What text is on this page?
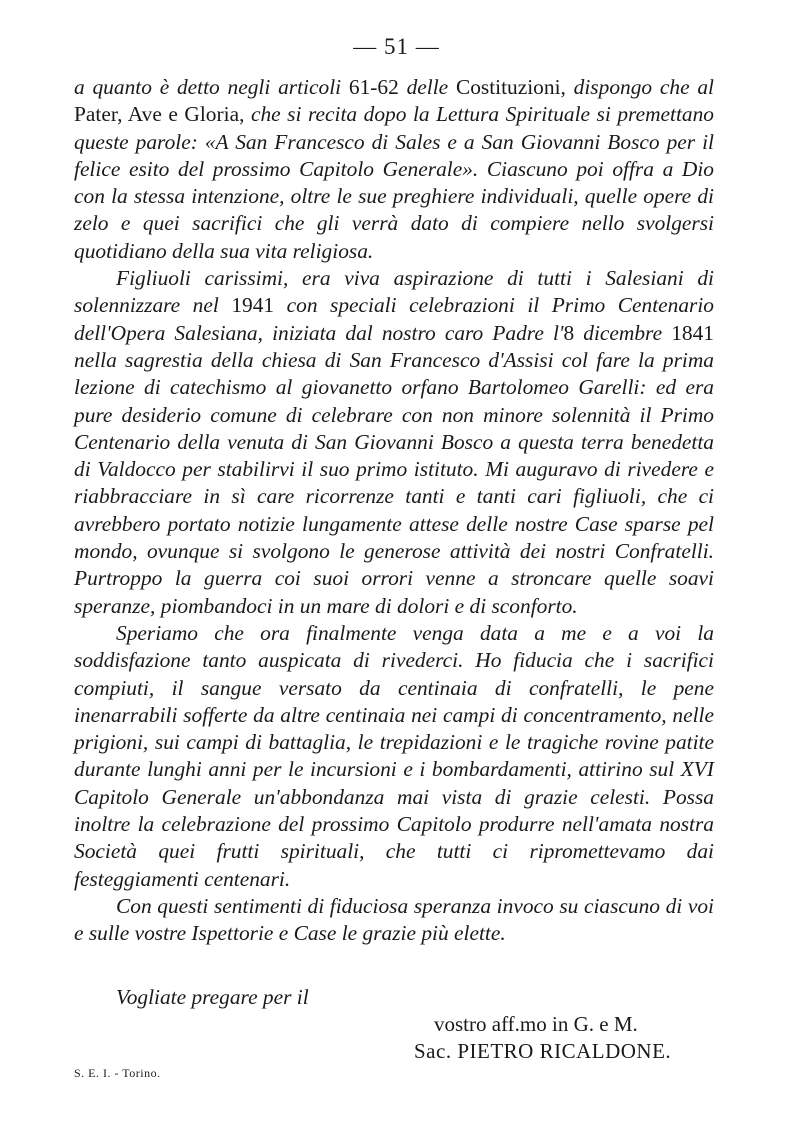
— 51 —

a quanto è detto negli articoli 61-62 delle Costituzioni, dispongo che al Pater, Ave e Gloria, che si recita dopo la Lettura Spirituale si premettano queste parole: «A San Francesco di Sales e a San Giovanni Bosco per il felice esito del prossimo Capitolo Generale». Ciascuno poi offra a Dio con la stessa intenzione, oltre le sue preghiere individuali, quelle opere di zelo e quei sacrifici che gli verrà dato di compiere nello svolgersi quotidiano della sua vita religiosa.

Figliuoli carissimi, era viva aspirazione di tutti i Salesiani di solennizzare nel 1941 con speciali celebrazioni il Primo Centenario dell'Opera Salesiana, iniziata dal nostro caro Padre l'8 dicembre 1841 nella sagrestia della chiesa di San Francesco d'Assisi col fare la prima lezione di catechismo al giovanetto orfano Bartolomeo Garelli: ed era pure desiderio comune di celebrare con non minore solennità il Primo Centenario della venuta di San Giovanni Bosco a questa terra benedetta di Valdocco per stabilirvi il suo primo istituto. Mi auguravo di rivedere e riabbracciare in sì care ricorrenze tanti e tanti cari figliuoli, che ci avrebbero portato notizie lungamente attese delle nostre Case sparse pel mondo, ovunque si svolgono le generose attività dei nostri Confratelli. Purtroppo la guerra coi suoi orrori venne a stroncare quelle soavi speranze, piombandoci in un mare di dolori e di sconforto.

Speriamo che ora finalmente venga data a me e a voi la soddisfazione tanto auspicata di rivederci. Ho fiducia che i sacrifici compiuti, il sangue versato da centinaia di confratelli, le pene inenarrabili sofferte da altre centinaia nei campi di concentramento, nelle prigioni, sui campi di battaglia, le trepidazioni e le tragiche rovine patite durante lunghi anni per le incursioni e i bombardamenti, attirino sul XVI Capitolo Generale un'abbondanza mai vista di grazie celesti. Possa inoltre la celebrazione del prossimo Capitolo produrre nell'amata nostra Società quei frutti spirituali, che tutti ci ripromettevamo dai festeggiamenti centenari.

Con questi sentimenti di fiduciosa speranza invoco su ciascuno di voi e sulle vostre Ispettorie e Case le grazie più elette.

Vogliate pregare per il
vostro aff.mo in G. e M.
Sac. PIETRO RICALDONE.
S. E. I. - Torino.
